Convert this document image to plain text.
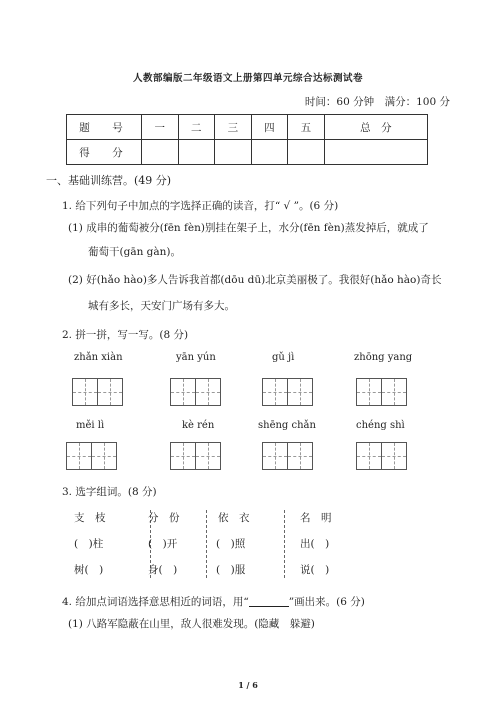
人教部编版二年级语文上册第四单元综合达标测试卷
时间：60 分钟　 满分：100 分
题　号	一	二	三	四	五	总　分
得　分						
一、基础训练营。(49 分)
1. 给下列句子中加点的字选择正确的读音，打“ √ ”。(6 分)
(1) 成串的葡萄被分(fēn fèn)别挂在架子上，水分(fēn fèn)蒸发掉后，就成了
葡萄干(gān gàn)。
(2) 好(hǎo hào)多人告诉我首都(dōu dū)北京美丽极了。我很好(hǎo hào)奇长
城有多长，天安门广场有多大。
2. 拼一拼，写一写。(8 分)
zhǎn xiàn	yān yún	gǔ jì	zhōng yang
měi lì	kè rén	shēng chǎn	chéng shì
3. 选字组词。(8 分)
支　枝
(　)柱
树(　)
分　份
(　)开
身(　)
依　衣
(　)照
(　)服
名　明
出(　)
说(　)
4. 给加点词语选择意思相近的词语，用“	”画出来。(6 分)
(1) 八路军隐蔽在山里，敌人很难发现。(隐藏　躲避)
1 / 6
